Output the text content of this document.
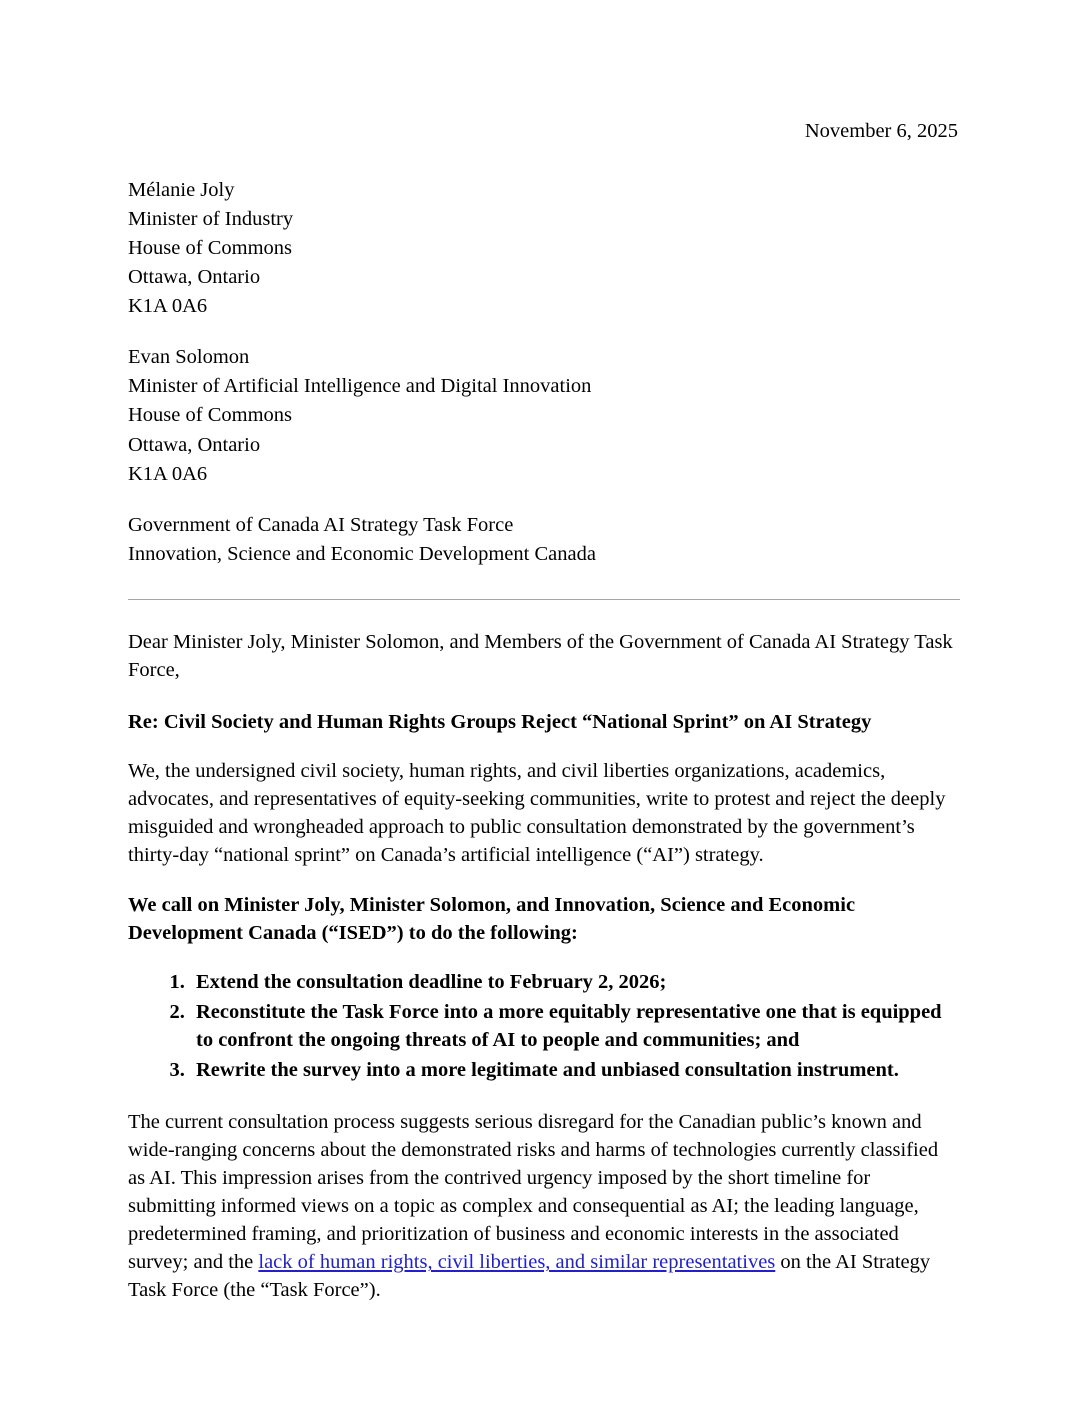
November 6, 2025
Mélanie Joly
Minister of Industry
House of Commons
Ottawa, Ontario
K1A 0A6
Evan Solomon
Minister of Artificial Intelligence and Digital Innovation
House of Commons
Ottawa, Ontario
K1A 0A6
Government of Canada AI Strategy Task Force
Innovation, Science and Economic Development Canada

Dear Minister Joly, Minister Solomon, and Members of the Government of Canada AI Strategy Task Force,

Re: Civil Society and Human Rights Groups Reject “National Sprint” on AI Strategy

We, the undersigned civil society, human rights, and civil liberties organizations, academics, advocates, and representatives of equity-seeking communities, write to protest and reject the deeply misguided and wrongheaded approach to public consultation demonstrated by the government’s thirty-day “national sprint” on Canada’s artificial intelligence (“AI”) strategy.

We call on Minister Joly, Minister Solomon, and Innovation, Science and Economic Development Canada (“ISED”) to do the following:

1. Extend the consultation deadline to February 2, 2026;
2. Reconstitute the Task Force into a more equitably representative one that is equipped to confront the ongoing threats of AI to people and communities; and
3. Rewrite the survey into a more legitimate and unbiased consultation instrument.

The current consultation process suggests serious disregard for the Canadian public’s known and wide-ranging concerns about the demonstrated risks and harms of technologies currently classified as AI. This impression arises from the contrived urgency imposed by the short timeline for submitting informed views on a topic as complex and consequential as AI; the leading language, predetermined framing, and prioritization of business and economic interests in the associated survey; and the lack of human rights, civil liberties, and similar representatives on the AI Strategy Task Force (the “Task Force”).
